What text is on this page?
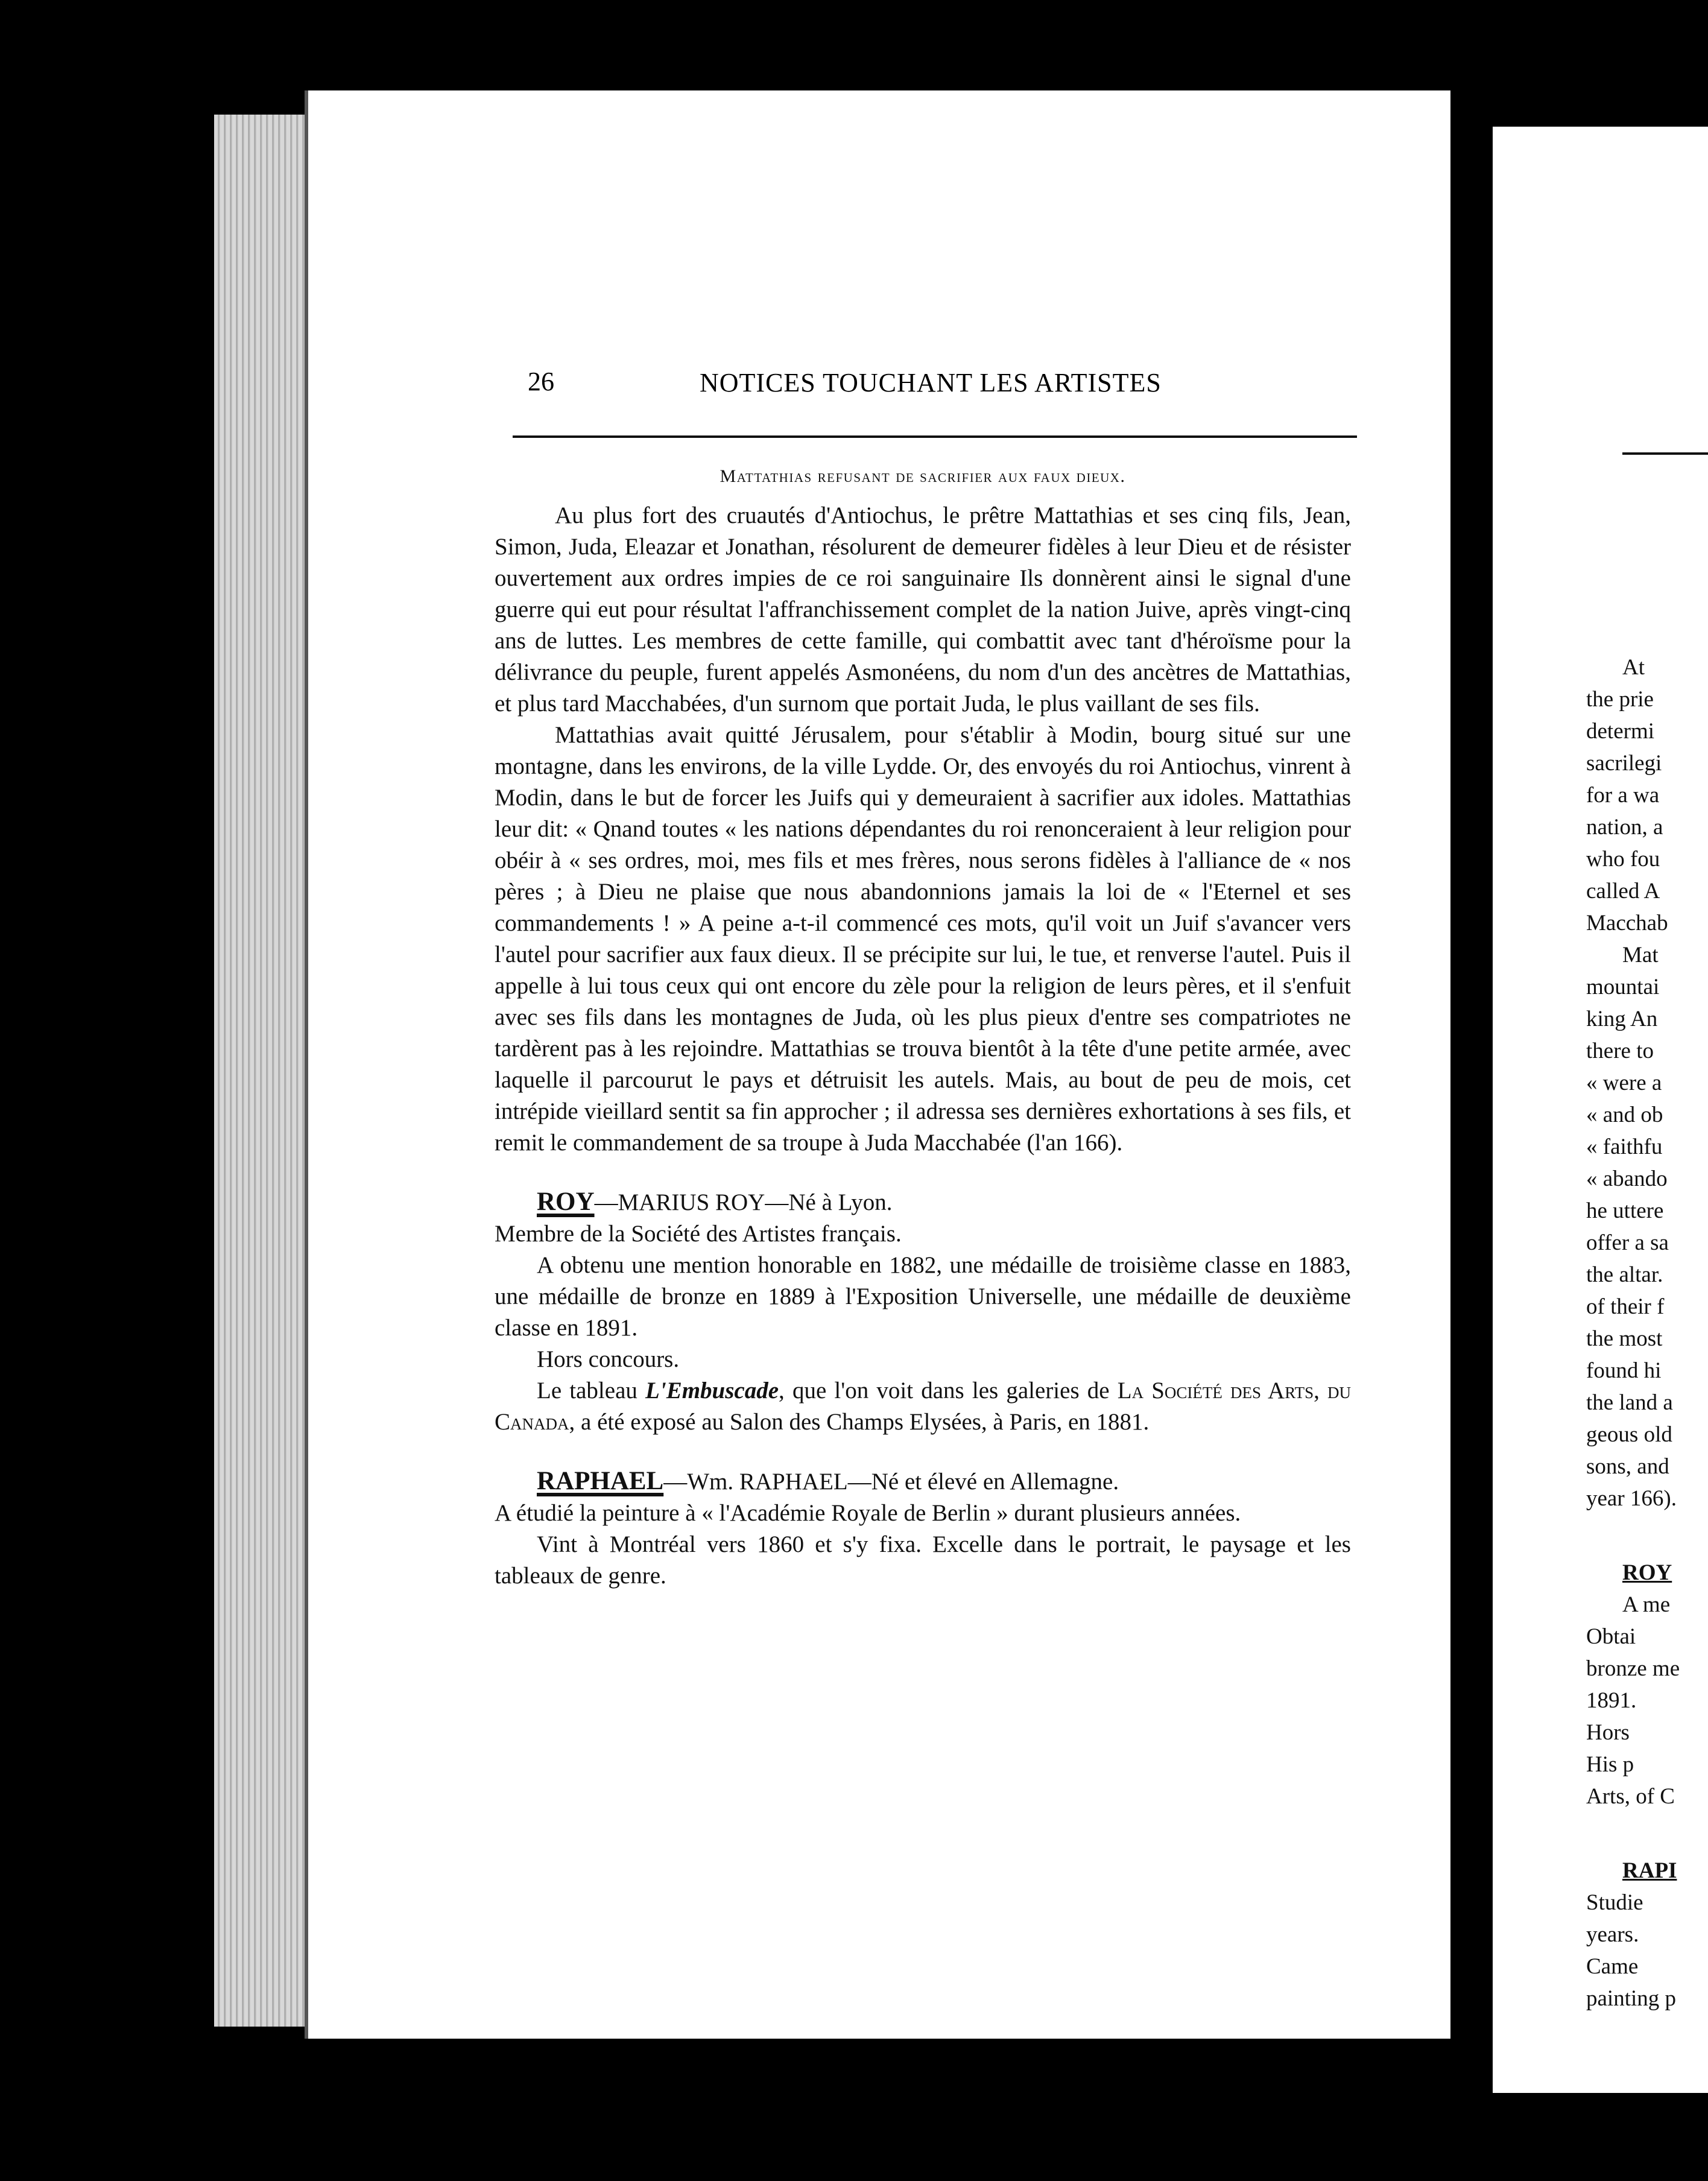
At
the prie
determi
sacrilegi
for a wa
nation, a
who fou
called A
Macchab
Mat
mountai
king An
there to
« were a
« and ob
« faithfu
« abando
he uttere
offer a sa
the altar.
of their f
the most
found hi
the land a
geous old
sons, and
year 166).
ROY
A me
Obtai
bronze me
1891.
Hors
His p
Arts, of C
RAPI
Studie
years.
Came
painting p
26	NOTICES TOUCHANT LES ARTISTES
Mattathias refusant de sacrifier aux faux dieux.

Au plus fort des cruautés d'Antiochus, le prêtre Mattathias et ses cinq fils, Jean, Simon, Juda, Eleazar et Jonathan, résolurent de demeurer fidèles à leur Dieu et de résister ouvertement aux ordres impies de ce roi sanguinaire Ils donnèrent ainsi le signal d'une guerre qui eut pour résultat l'affranchissement complet de la nation Juive, après vingt-cinq ans de luttes. Les membres de cette famille, qui combattit avec tant d'héroïsme pour la délivrance du peuple, furent appelés Asmonéens, du nom d'un des ancètres de Mattathias, et plus tard Macchabées, d'un surnom que portait Juda, le plus vaillant de ses fils.

Mattathias avait quitté Jérusalem, pour s'établir à Modin, bourg situé sur une montagne, dans les environs, de la ville Lydde. Or, des envoyés du roi Antiochus, vinrent à Modin, dans le but de forcer les Juifs qui y demeuraient à sacrifier aux idoles. Mattathias leur dit: « Qnand toutes « les nations dépendantes du roi renonceraient à leur religion pour obéir à « ses ordres, moi, mes fils et mes frères, nous serons fidèles à l'alliance de « nos pères ; à Dieu ne plaise que nous abandonnions jamais la loi de « l'Eternel et ses commandements ! » A peine a-t-il commencé ces mots, qu'il voit un Juif s'avancer vers l'autel pour sacrifier aux faux dieux. Il se précipite sur lui, le tue, et renverse l'autel. Puis il appelle à lui tous ceux qui ont encore du zèle pour la religion de leurs pères, et il s'enfuit avec ses fils dans les montagnes de Juda, où les plus pieux d'entre ses compatriotes ne tardèrent pas à les rejoindre. Mattathias se trouva bientôt à la tête d'une petite armée, avec laquelle il parcourut le pays et détruisit les autels. Mais, au bout de peu de mois, cet intrépide vieillard sentit sa fin approcher ; il adressa ses dernières exhortations à ses fils, et remit le commandement de sa troupe à Juda Macchabée (l'an 166).

ROY—MARIUS ROY—Né à Lyon.

Membre de la Société des Artistes français.

A obtenu une mention honorable en 1882, une médaille de troisième classe en 1883, une médaille de bronze en 1889 à l'Exposition Universelle, une médaille de deuxième classe en 1891.

Hors concours.

Le tableau L'Embuscade, que l'on voit dans les galeries de La Société des Arts, du Canada, a été exposé au Salon des Champs Elysées, à Paris, en 1881.

RAPHAEL—Wm. RAPHAEL—Né et élevé en Allemagne.

A étudié la peinture à « l'Académie Royale de Berlin » durant plusieurs années.

Vint à Montréal vers 1860 et s'y fixa. Excelle dans le portrait, le paysage et les tableaux de genre.
